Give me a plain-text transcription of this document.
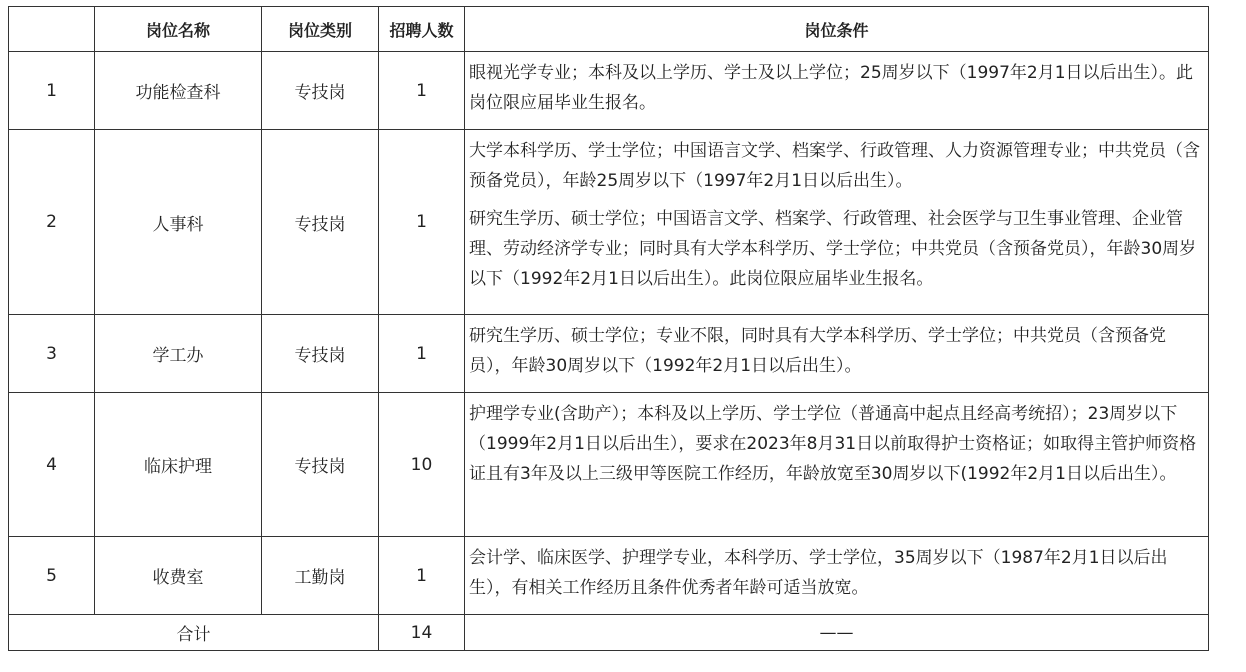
	岗位名称	岗位类别	招聘人数	岗位条件
1	功能检查科	专技岗	1	眼视光学专业；本科及以上学历、学士及以上学位；25周岁以下（1997年2月1日以后出生）。此岗位限应届毕业生报名。

2	人事科	专技岗	1	大学本科学历、学士学位；中国语言文学、档案学、行政管理、人力资源管理专业；中共党员（含预备党员），年龄25周岁以下（1997年2月1日以后出生）。

研究生学历、硕士学位；中国语言文学、档案学、行政管理、社会医学与卫生事业管理、企业管理、劳动经济学专业；同时具有大学本科学历、学士学位；中共党员（含预备党员），年龄30周岁以下（1992年2月1日以后出生）。此岗位限应届毕业生报名。

3	学工办	专技岗	1	研究生学历、硕士学位；专业不限，同时具有大学本科学历、学士学位；中共党员（含预备党员），年龄30周岁以下（1992年2月1日以后出生）。

4	临床护理	专技岗	10	护理学专业(含助产）；本科及以上学历、学士学位（普通高中起点且经高考统招）；23周岁以下（1999年2月1日以后出生），要求在2023年8月31日以前取得护士资格证；如取得主管护师资格证且有3年及以上三级甲等医院工作经历，年龄放宽至30周岁以下(1992年2月1日以后出生）。

5	收费室	工勤岗	1	会计学、临床医学、护理学专业，本科学历、学士学位，35周岁以下（1987年2月1日以后出生），有相关工作经历且条件优秀者年龄可适当放宽。

合计			14	——
